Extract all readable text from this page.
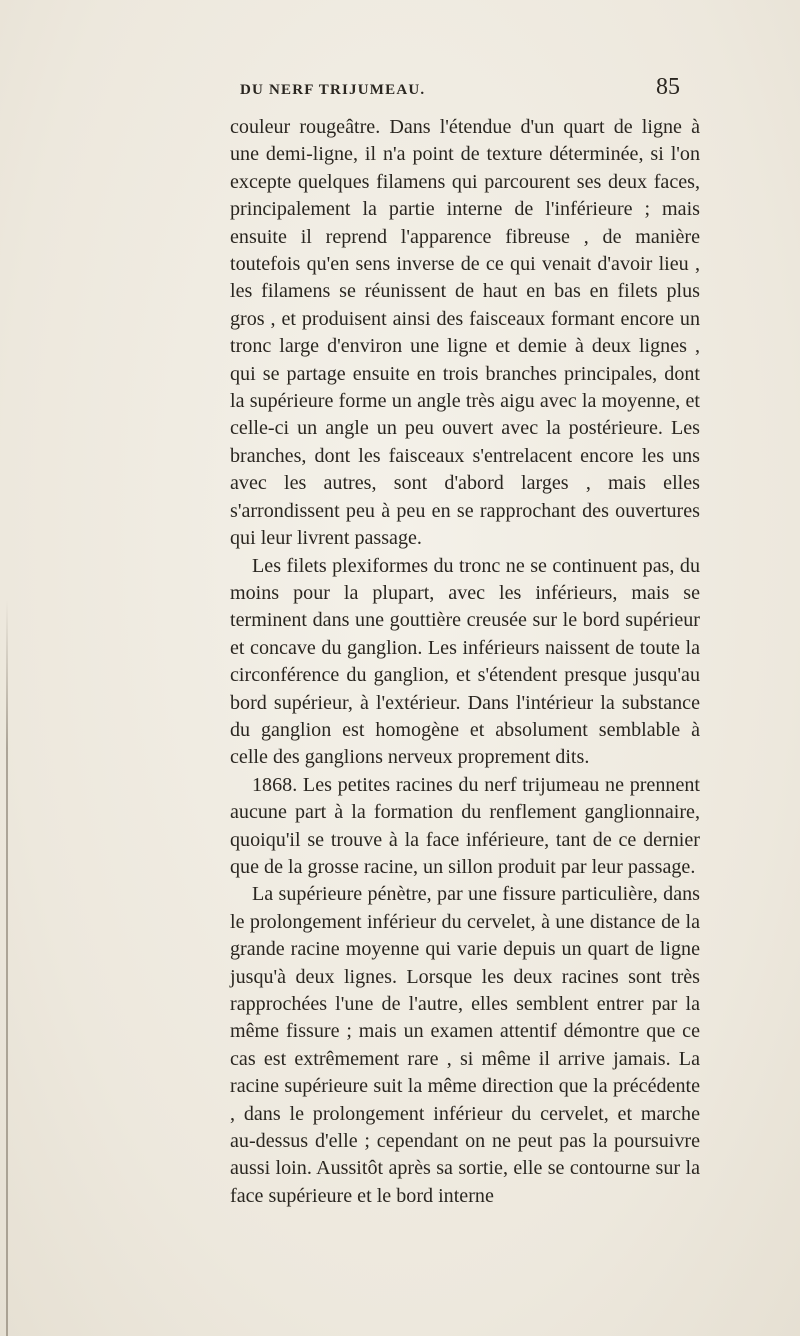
DU NERF TRIJUMEAU.	85

couleur rougeâtre. Dans l'étendue d'un quart de ligne à une demi-ligne, il n'a point de texture déterminée, si l'on excepte quelques filamens qui parcourent ses deux faces, principalement la partie interne de l'inférieure ; mais ensuite il reprend l'apparence fibreuse , de manière toutefois qu'en sens inverse de ce qui venait d'avoir lieu , les filamens se réunissent de haut en bas en filets plus gros , et produisent ainsi des faisceaux formant encore un tronc large d'environ une ligne et demie à deux lignes , qui se partage ensuite en trois branches principales, dont la supérieure forme un angle très aigu avec la moyenne, et celle-ci un angle un peu ouvert avec la postérieure. Les branches, dont les faisceaux s'entrelacent encore les uns avec les autres, sont d'abord larges , mais elles s'arrondissent peu à peu en se rapprochant des ouvertures qui leur livrent passage.

Les filets plexiformes du tronc ne se continuent pas, du moins pour la plupart, avec les inférieurs, mais se terminent dans une gouttière creusée sur le bord supérieur et concave du ganglion. Les inférieurs naissent de toute la circonférence du ganglion, et s'étendent presque jusqu'au bord supérieur, à l'extérieur. Dans l'intérieur la substance du ganglion est homogène et absolument semblable à celle des ganglions nerveux proprement dits.

1868. Les petites racines du nerf trijumeau ne prennent aucune part à la formation du renflement ganglionnaire, quoiqu'il se trouve à la face inférieure, tant de ce dernier que de la grosse racine, un sillon produit par leur passage.

La supérieure pénètre, par une fissure particulière, dans le prolongement inférieur du cervelet, à une distance de la grande racine moyenne qui varie depuis un quart de ligne jusqu'à deux lignes. Lorsque les deux racines sont très rapprochées l'une de l'autre, elles semblent entrer par la même fissure ; mais un examen attentif démontre que ce cas est extrêmement rare , si même il arrive jamais. La racine supérieure suit la même direction que la précédente , dans le prolongement inférieur du cervelet, et marche au-dessus d'elle ; cependant on ne peut pas la poursuivre aussi loin. Aussitôt après sa sortie, elle se contourne sur la face supérieure et le bord interne
